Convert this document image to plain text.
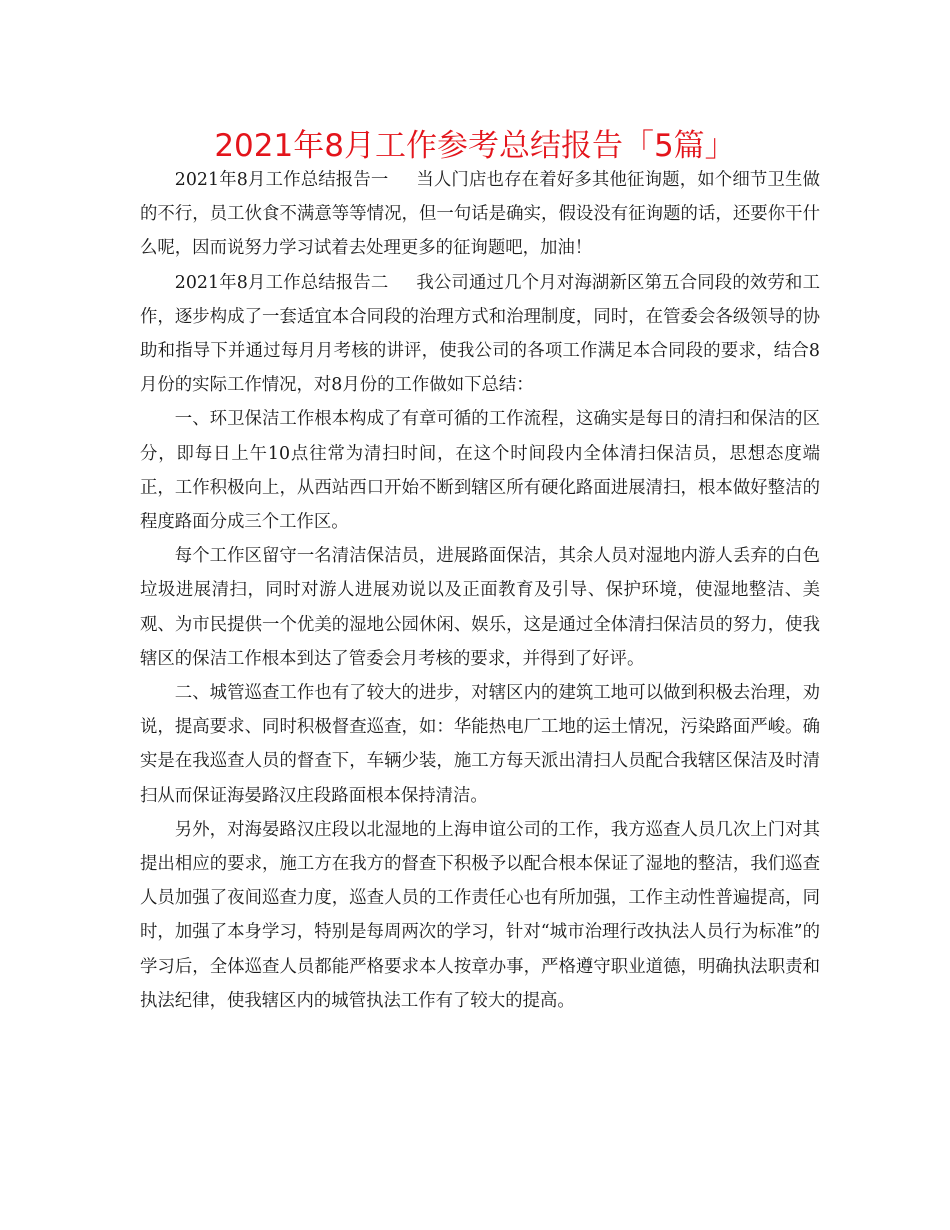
2021年8月工作参考总结报告「5篇」

2021年8月工作总结报告一 当人门店也存在着好多其他征询题，如个细节卫生做的不行，员工伙食不满意等等情况，但一句话是确实，假设没有征询题的话，还要你干什么呢，因而说努力学习试着去处理更多的征询题吧，加油！

2021年8月工作总结报告二 我公司通过几个月对海湖新区第五合同段的效劳和工作，逐步构成了一套适宜本合同段的治理方式和治理制度，同时，在管委会各级领导的协助和指导下并通过每月月考核的讲评，使我公司的各项工作满足本合同段的要求，结合8月份的实际工作情况，对8月份的工作做如下总结：

一、环卫保洁工作根本构成了有章可循的工作流程，这确实是每日的清扫和保洁的区分，即每日上午10点往常为清扫时间，在这个时间段内全体清扫保洁员，思想态度端正，工作积极向上，从西站西口开始不断到辖区所有硬化路面进展清扫，根本做好整洁的程度路面分成三个工作区。

每个工作区留守一名清洁保洁员，进展路面保洁，其余人员对湿地内游人丢弃的白色垃圾进展清扫，同时对游人进展劝说以及正面教育及引导、保护环境，使湿地整洁、美观、为市民提供一个优美的湿地公园休闲、娱乐，这是通过全体清扫保洁员的努力，使我辖区的保洁工作根本到达了管委会月考核的要求，并得到了好评。

二、城管巡查工作也有了较大的进步，对辖区内的建筑工地可以做到积极去治理，劝说，提高要求、同时积极督查巡查，如：华能热电厂工地的运土情况，污染路面严峻。确实是在我巡查人员的督查下，车辆少装，施工方每天派出清扫人员配合我辖区保洁及时清扫从而保证海晏路汉庄段路面根本保持清洁。

另外，对海晏路汉庄段以北湿地的上海申谊公司的工作，我方巡查人员几次上门对其提出相应的要求，施工方在我方的督查下积极予以配合根本保证了湿地的整洁，我们巡查人员加强了夜间巡查力度，巡查人员的工作责任心也有所加强，工作主动性普遍提高，同时，加强了本身学习，特别是每周两次的学习，针对“城市治理行改执法人员行为标准”的学习后，全体巡查人员都能严格要求本人按章办事，严格遵守职业道德，明确执法职责和执法纪律，使我辖区内的城管执法工作有了较大的提高。
